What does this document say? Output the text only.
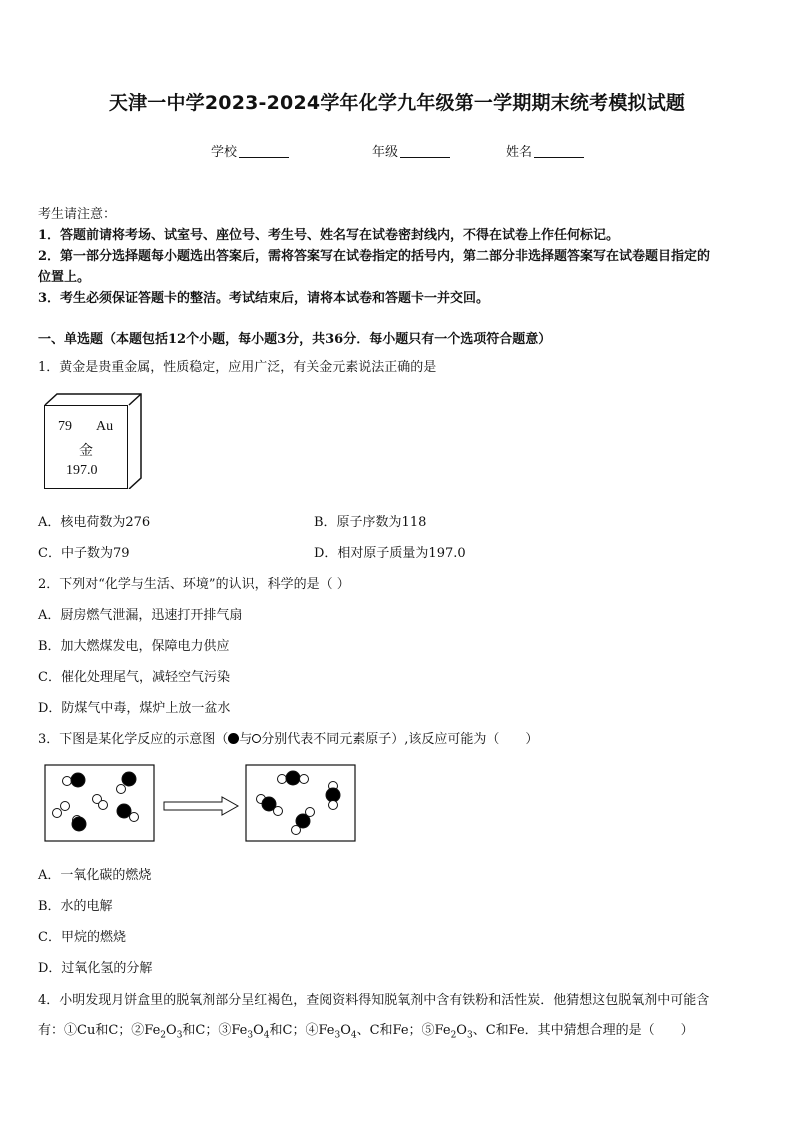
天津一中学2023-2024学年化学九年级第一学期期末统考模拟试题
学校	年级	姓名
考生请注意：
1．答题前请将考场、试室号、座位号、考生号、姓名写在试卷密封线内，不得在试卷上作任何标记。
2．第一部分选择题每小题选出答案后，需将答案写在试卷指定的括号内，第二部分非选择题答案写在试卷题目指定的
位置上。
3．考生必须保证答题卡的整洁。考试结束后，请将本试卷和答题卡一并交回。
一、单选题（本题包括12个小题，每小题3分，共36分．每小题只有一个选项符合题意）
1．黄金是贵重金属，性质稳定，应用广泛，有关金元素说法正确的是
79 Au
金
197.0
A．核电荷数为276	B．原子序数为118
C．中子数为79	D．相对原子质量为197.0
2．下列对“化学与生活、环境”的认识，科学的是（ ）
A．厨房燃气泄漏，迅速打开排气扇
B．加大燃煤发电，保障电力供应
C．催化处理尾气，减轻空气污染
D．防煤气中毒，煤炉上放一盆水
3．下图是某化学反应的示意图（ 与 分别代表不同元素原子）,该反应可能为（　　）
A．一氧化碳的燃烧
B．水的电解
C．甲烷的燃烧
D．过氧化氢的分解
4．小明发现月饼盒里的脱氧剂部分呈红褐色，查阅资料得知脱氧剂中含有铁粉和活性炭．他猜想这包脱氧剂中可能含
有：①Cu和C；$②Fe_2O_3$和C；$③Fe_3O_4$和C；$④Fe_3O_4$、C和Fe；$⑤Fe_2O_3$、C和Fe．其中猜想合理的是（　　）
